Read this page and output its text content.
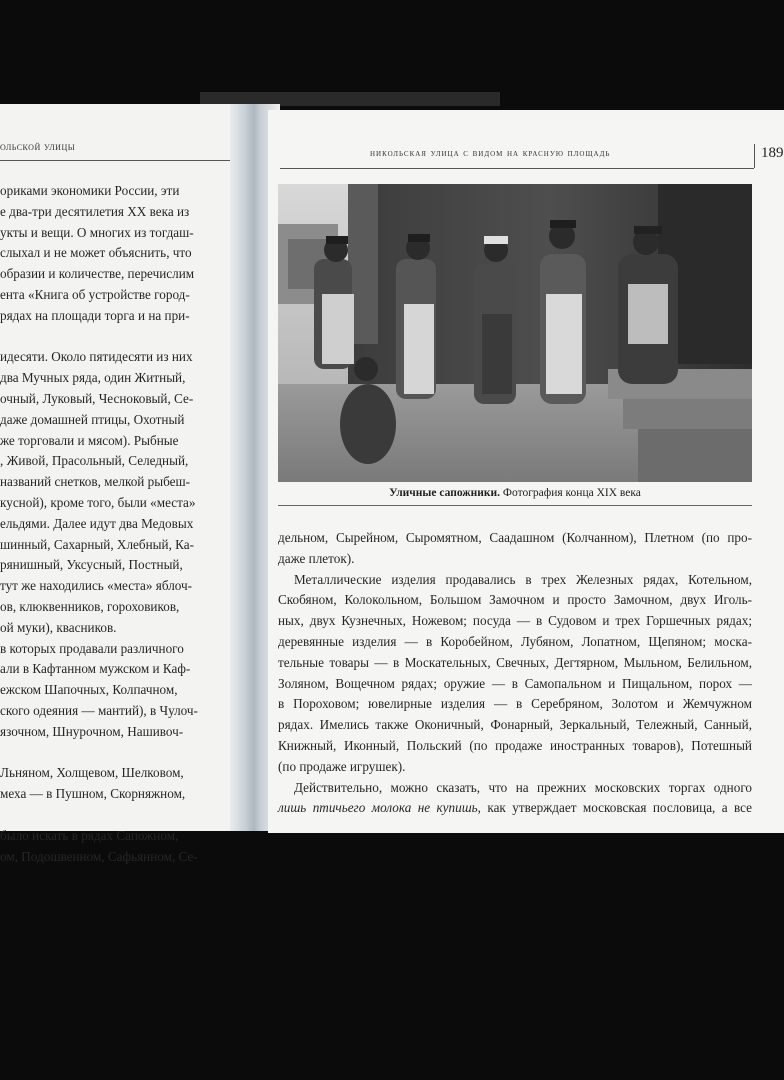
ольской улицы
ориками экономики России, эти
е два-три десятилетия XX века из
укты и вещи. О многих из тогдаш-
слыхал и не может объяснить, что
образии и количестве, перечислим
ента «Книга об устройстве город-
рядах на площади торга и на при-

идесяти. Около пятидесяти из них
два Мучных ряда, один Житный,
очный, Луковый, Чесноковый, Се-
даже домашней птицы, Охотный
же торговали и мясом). Рыбные
, Живой, Прасольный, Селедный,
названий снетков, мелкой рыбеш-
кусной), кроме того, были «места»
ельдями. Далее идут два Медовых
шинный, Сахарный, Хлебный, Ка-
рянишный, Уксусный, Постный,
тут же находились «места» яблоч-
ов, клюквенников, гороховиков,
ой муки), квасников.
в которых продавали различного
али в Кафтанном мужском и Каф-
ежском Шапочных, Колпачном,
ского одеяния — мантий), в Чулоч-
язочном, Шнурочном, Нашивоч-

Льняном, Холщевом, Шелковом,
меха — в Пушном, Скорняжном,

было искать в рядах Сапожном,
ом, Подошвенном, Сафьянном, Се-
никольская улица с видом на красную площадь	189
Уличные сапожники. Фотография конца XIX века
дельном, Сырейном, Сыромятном, Саадашном (Колчанном), Плетном (по про-
даже плеток).
Металлические изделия продавались в трех Железных рядах, Котельном,
Скобяном, Колокольном, Большом Замочном и просто Замочном, двух Иголь-
ных, двух Кузнечных, Ножевом; посуда — в Судовом и трех Горшечных рядах;
деревянные изделия — в Коробейном, Лубяном, Лопатном, Щепяном; москa-
тельные товары — в Москательных, Свечных, Дегтярном, Мыльном, Белильном,
Золяном, Вощечном рядах; оружие — в Самопальном и Пищальном, порох —
в Пороховом; ювелирные изделия — в Серебряном, Золотом и Жемчужном
рядах. Имелись также Оконичный, Фонарный, Зеркальный, Тележный, Санный,
Книжный, Иконный, Польский (по продаже иностранных товаров), Потешный
(по продаже игрушек).
Действительно, можно сказать, что на прежних московских торгах одного
лишь птичьего молока не купишь, как утверждает московская пословица, а все
